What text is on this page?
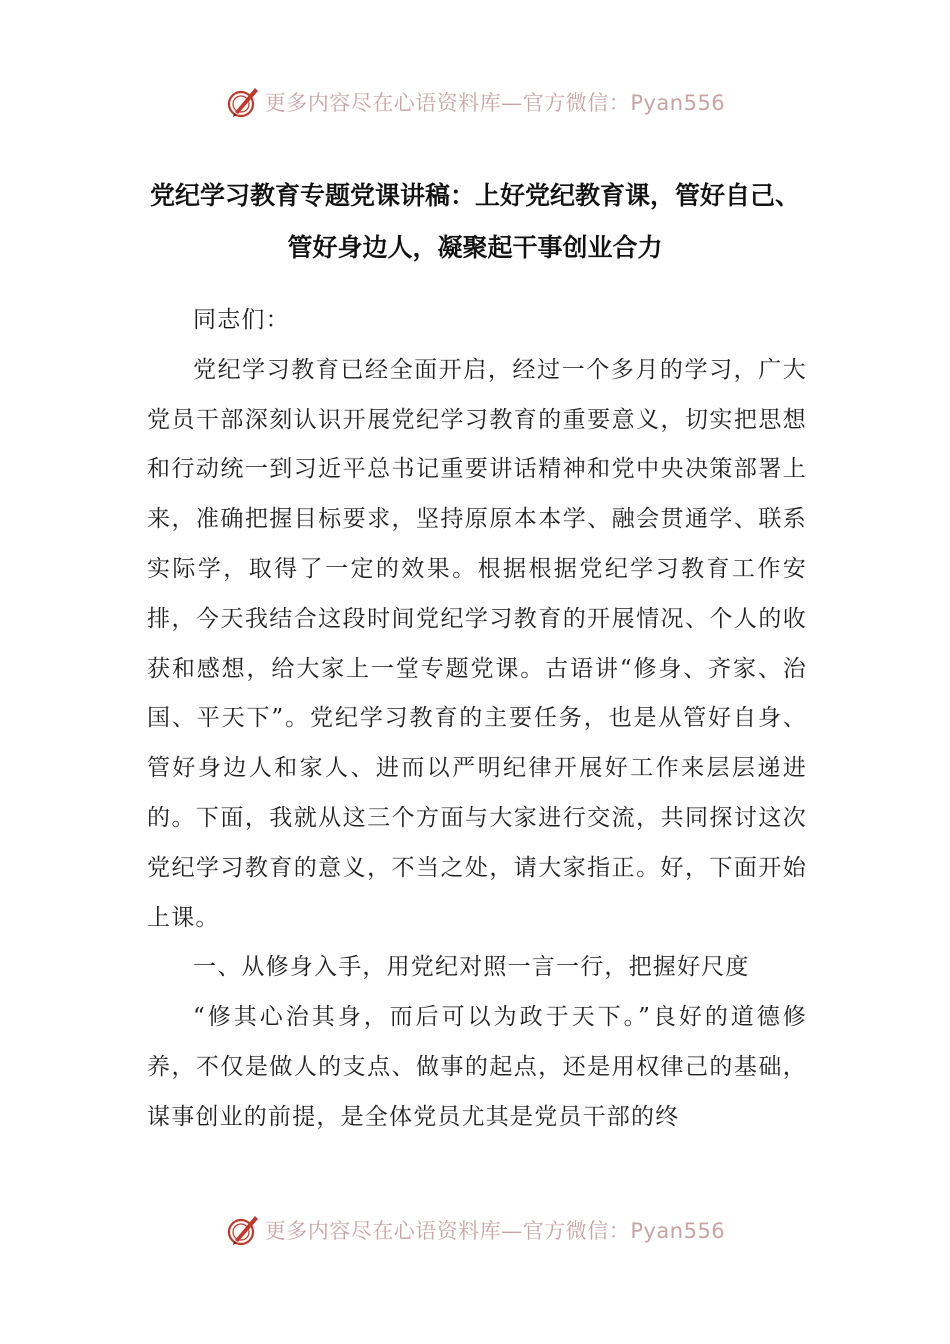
更多内容尽在心语资料库—官方微信：Pyan556
党纪学习教育专题党课讲稿：上好党纪教育课，管好自己、
管好身边人，凝聚起干事创业合力

同志们：

党纪学习教育已经全面开启，经过一个多月的学习，广大党员干部深刻认识开展党纪学习教育的重要意义，切实把思想和行动统一到习近平总书记重要讲话精神和党中央决策部署上来，准确把握目标要求，坚持原原本本学、融会贯通学、联系实际学，取得了一定的效果。根据根据党纪学习教育工作安排，今天我结合这段时间党纪学习教育的开展情况、个人的收获和感想，给大家上一堂专题党课。古语讲“修身、齐家、治国、平天下”。党纪学习教育的主要任务，也是从管好自身、管好身边人和家人、进而以严明纪律开展好工作来层层递进的。下面，我就从这三个方面与大家进行交流，共同探讨这次党纪学习教育的意义，不当之处，请大家指正。好，下面开始上课。

一、从修身入手，用党纪对照一言一行，把握好尺度

“修其心治其身，而后可以为政于天下。”良好的道德修养，不仅是做人的支点、做事的起点，还是用权律己的基础，谋事创业的前提，是全体党员尤其是党员干部的终

更多内容尽在心语资料库—官方微信：Pyan556
